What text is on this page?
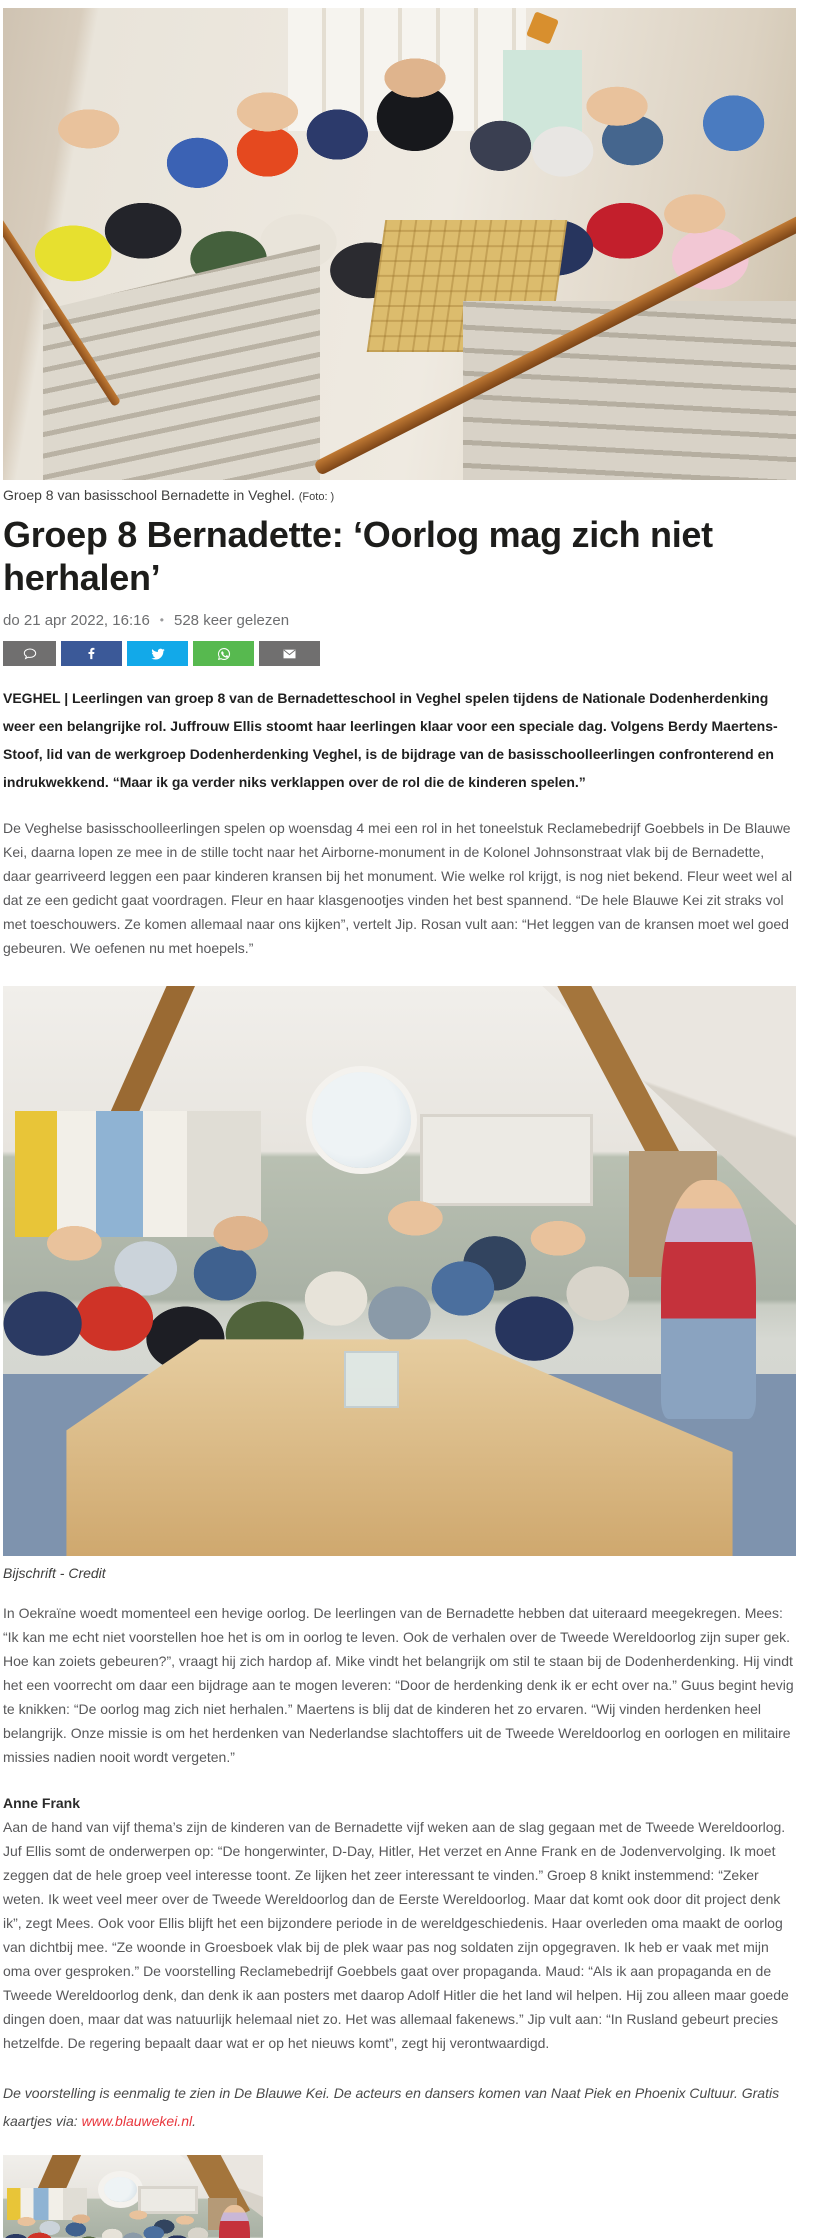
Groep 8 van basisschool Bernadette in Veghel. (Foto: )
Groep 8 Bernadette: ‘Oorlog mag zich niet herhalen’
do 21 apr 2022, 16:16 • 528 keer gelezen

VEGHEL | Leerlingen van groep 8 van de Bernadetteschool in Veghel spelen tijdens de Nationale Dodenherdenking weer een belangrijke rol. Juffrouw Ellis stoomt haar leerlingen klaar voor een speciale dag. Volgens Berdy Maertens-Stoof, lid van de werkgroep Dodenherdenking Veghel, is de bijdrage van de basisschoolleerlingen confronterend en indrukwekkend. “Maar ik ga verder niks verklappen over de rol die de kinderen spelen.”

De Veghelse basisschoolleerlingen spelen op woensdag 4 mei een rol in het toneelstuk Reclamebedrijf Goebbels in De Blauwe Kei, daarna lopen ze mee in de stille tocht naar het Airborne-monument in de Kolonel Johnsonstraat vlak bij de Bernadette, daar gearriveerd leggen een paar kinderen kransen bij het monument. Wie welke rol krijgt, is nog niet bekend. Fleur weet wel al dat ze een gedicht gaat voordragen. Fleur en haar klasgenootjes vinden het best spannend. “De hele Blauwe Kei zit straks vol met toeschouwers. Ze komen allemaal naar ons kijken”, vertelt Jip. Rosan vult aan: “Het leggen van de kransen moet wel goed gebeuren. We oefenen nu met hoepels.”

Bijschrift - Credit

In Oekraïne woedt momenteel een hevige oorlog. De leerlingen van de Bernadette hebben dat uiteraard meegekregen. Mees: “Ik kan me echt niet voorstellen hoe het is om in oorlog te leven. Ook de verhalen over de Tweede Wereldoorlog zijn super gek. Hoe kan zoiets gebeuren?”, vraagt hij zich hardop af. Mike vindt het belangrijk om stil te staan bij de Dodenherdenking. Hij vindt het een voorrecht om daar een bijdrage aan te mogen leveren: “Door de herdenking denk ik er echt over na.” Guus begint hevig te knikken: “De oorlog mag zich niet herhalen.” Maertens is blij dat de kinderen het zo ervaren. “Wij vinden herdenken heel belangrijk. Onze missie is om het herdenken van Nederlandse slachtoffers uit de Tweede Wereldoorlog en oorlogen en militaire missies nadien nooit wordt vergeten.”

Anne Frank

Aan de hand van vijf thema’s zijn de kinderen van de Bernadette vijf weken aan de slag gegaan met de Tweede Wereldoorlog. Juf Ellis somt de onderwerpen op: “De hongerwinter, D-Day, Hitler, Het verzet en Anne Frank en de Jodenvervolging. Ik moet zeggen dat de hele groep veel interesse toont. Ze lijken het zeer interessant te vinden.” Groep 8 knikt instemmend: “Zeker weten. Ik weet veel meer over de Tweede Wereldoorlog dan de Eerste Wereldoorlog. Maar dat komt ook door dit project denk ik”, zegt Mees. Ook voor Ellis blijft het een bijzondere periode in de wereldgeschiedenis. Haar overleden oma maakt de oorlog van dichtbij mee. “Ze woonde in Groesboek vlak bij de plek waar pas nog soldaten zijn opgegraven. Ik heb er vaak met mijn oma over gesproken.” De voorstelling Reclamebedrijf Goebbels gaat over propaganda. Maud: “Als ik aan propaganda en de Tweede Wereldoorlog denk, dan denk ik aan posters met daarop Adolf Hitler die het land wil helpen. Hij zou alleen maar goede dingen doen, maar dat was natuurlijk helemaal niet zo. Het was allemaal fakenews.” Jip vult aan: “In Rusland gebeurt precies hetzelfde. De regering bepaalt daar wat er op het nieuws komt”, zegt hij verontwaardigd.

De voorstelling is eenmalig te zien in De Blauwe Kei. De acteurs en dansers komen van Naat Piek en Phoenix Cultuur. Gratis kaartjes via: www.blauwekei.nl.
